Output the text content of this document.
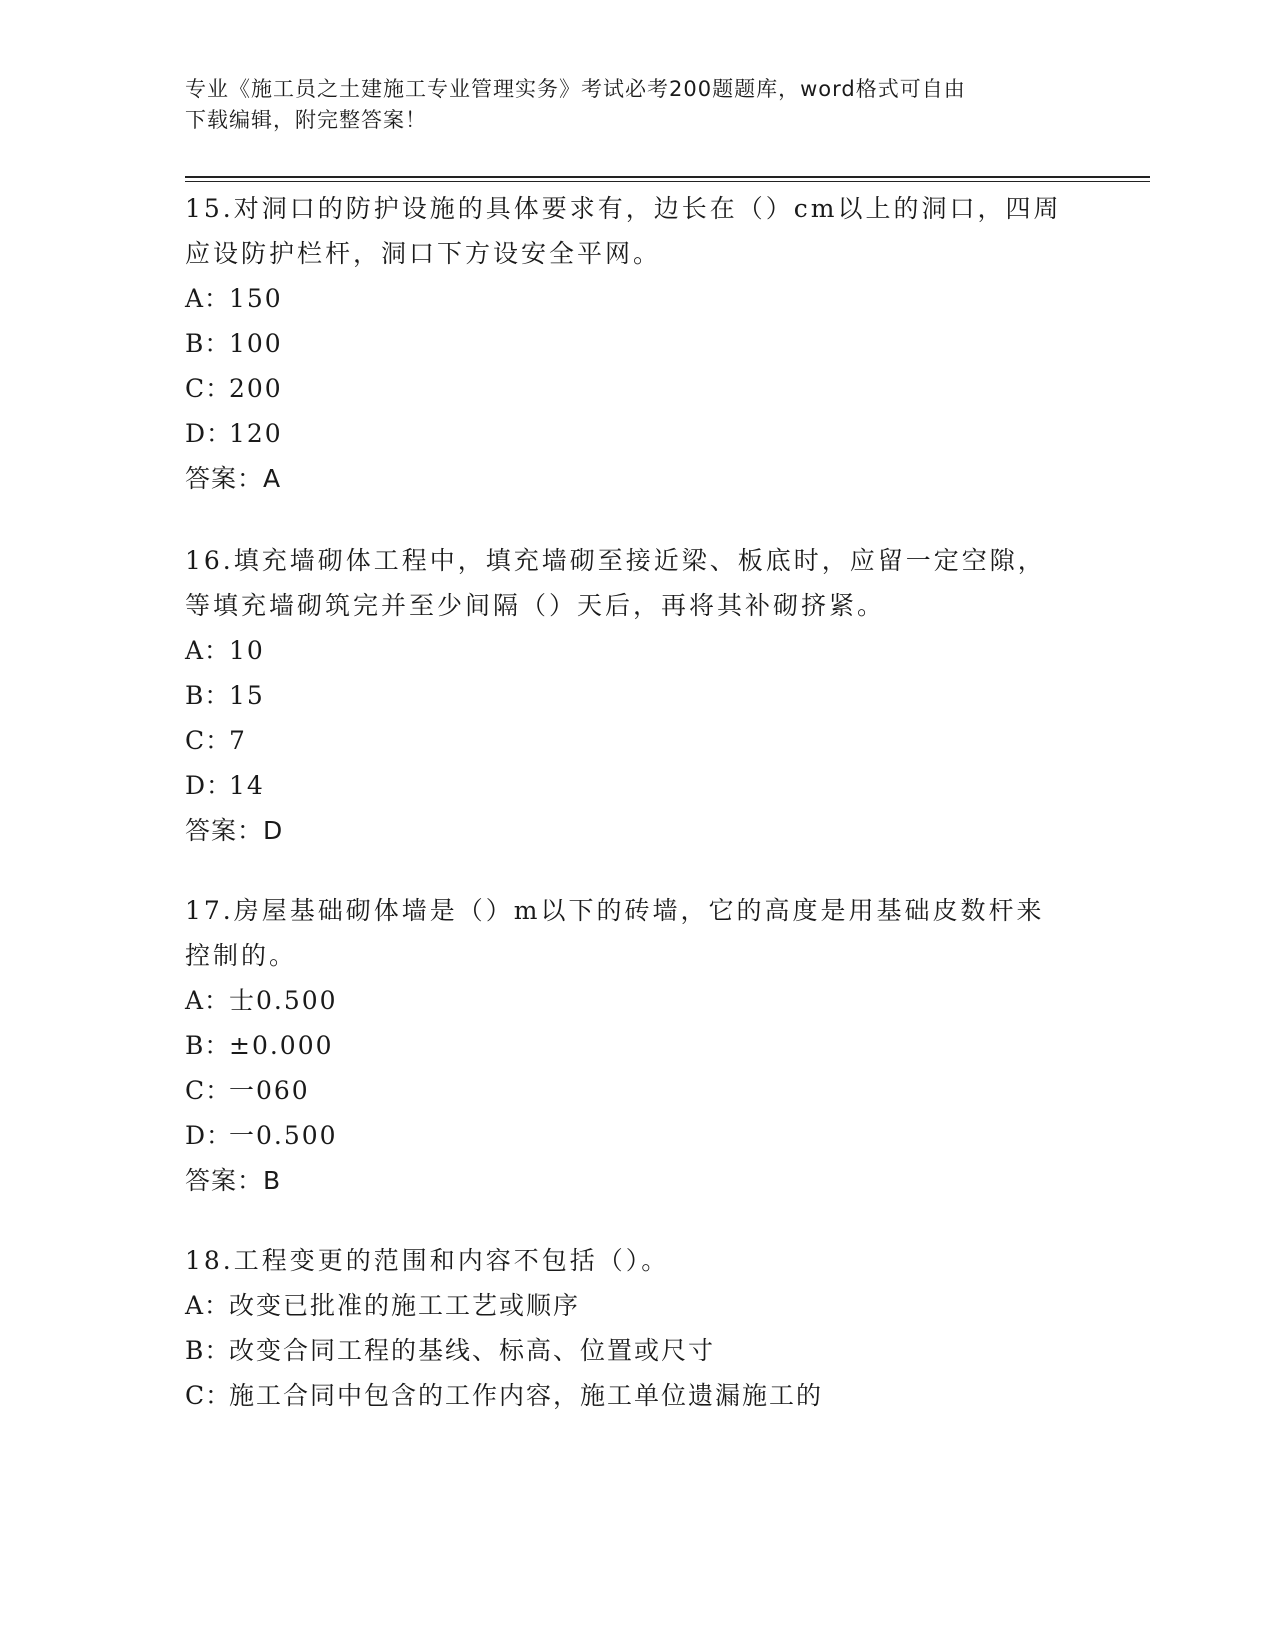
专业《施工员之土建施工专业管理实务》考试必考200题题库，word格式可自由
下载编辑，附完整答案！
15.对洞口的防护设施的具体要求有，边长在（）cm以上的洞口，四周
应设防护栏杆，洞口下方设安全平网。
A：150
B：100
C：200
D：120
答案：A
16.填充墙砌体工程中，填充墙砌至接近梁、板底时，应留一定空隙，
等填充墙砌筑完并至少间隔（）天后，再将其补砌挤紧。
A：10
B：15
C：7
D：14
答案：D
17.房屋基础砌体墙是（）m以下的砖墙，它的高度是用基础皮数杆来
控制的。
A：士0.500
B：±0.000
C：一060
D：一0.500
答案：B
18.工程变更的范围和内容不包括（）。
A：改变已批准的施工工艺或顺序
B：改变合同工程的基线、标高、位置或尺寸
C：施工合同中包含的工作内容，施工单位遗漏施工的
